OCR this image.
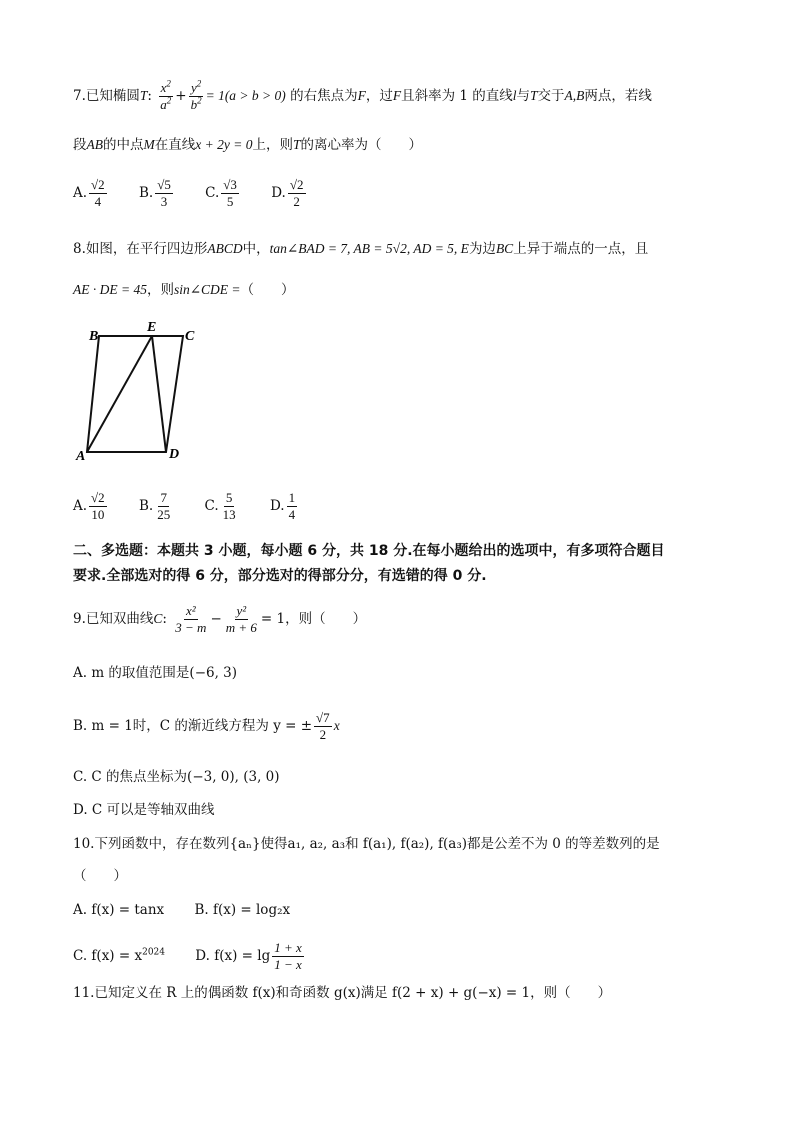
7.已知椭圆T: $\frac{x^2}{a^2} + \frac{y^2}{b^2} = 1(a > b > 0)$ 的右焦点为F，过F且斜率为 1 的直线l与T交于A,B两点，若线
段AB的中点M在直线x + 2y = 0上，则T的离心率为（　　）
A. $\frac{√2}{4} B$. $\frac{√5}{3} C$. $\frac{√3}{5} D$. $\frac{√2}{2}$
8.如图，在平行四边形ABCD中，tan∠BAD = 7, AB = 5√2, AD = 5, E为边BC上异于端点的一点，且
AE · DE = 45，则sin∠CDE =（　　）
B
E
C
A	D
A. $\frac{√2}{10} B$. $\frac{7}{25} C$. $\frac{5}{13} D$. $\frac{1}{4}$
二、多选题：本题共 3 小题，每小题 6 分，共 18 分.在每小题给出的选项中，有多项符合题目
要求.全部选对的得 6 分，部分选对的得部分分，有选错的得 0 分.
9.已知双曲线C: $\frac{\text{x²}}{3 - m} - \frac{\text{y²}}{m + 6} = 1$，则（　　）
A. m 的取值范围是(−6, 3)
B. m = 1时，C 的渐近线方程为 y = ± $\frac{√7}{2}$ x
C. C 的焦点坐标为(−3, 0), (3, 0)
D. C 可以是等轴双曲线
10.下列函数中，存在数列{aₙ}使得a₁, a₂, a₃和 f(a₁), f(a₂), f(a₃)都是公差不为 0 的等差数列的是
（　　）
A. f(x) = tanx B. f(x) = log₂x
C. $f(x) = x^{2024}$ D. $f(x) = \lg \frac{1 + x}{1 - x}$
11.已知定义在 R 上的偶函数 f(x)和奇函数 g(x)满足 f(2 + x) + g(−x) = 1，则（　　）
